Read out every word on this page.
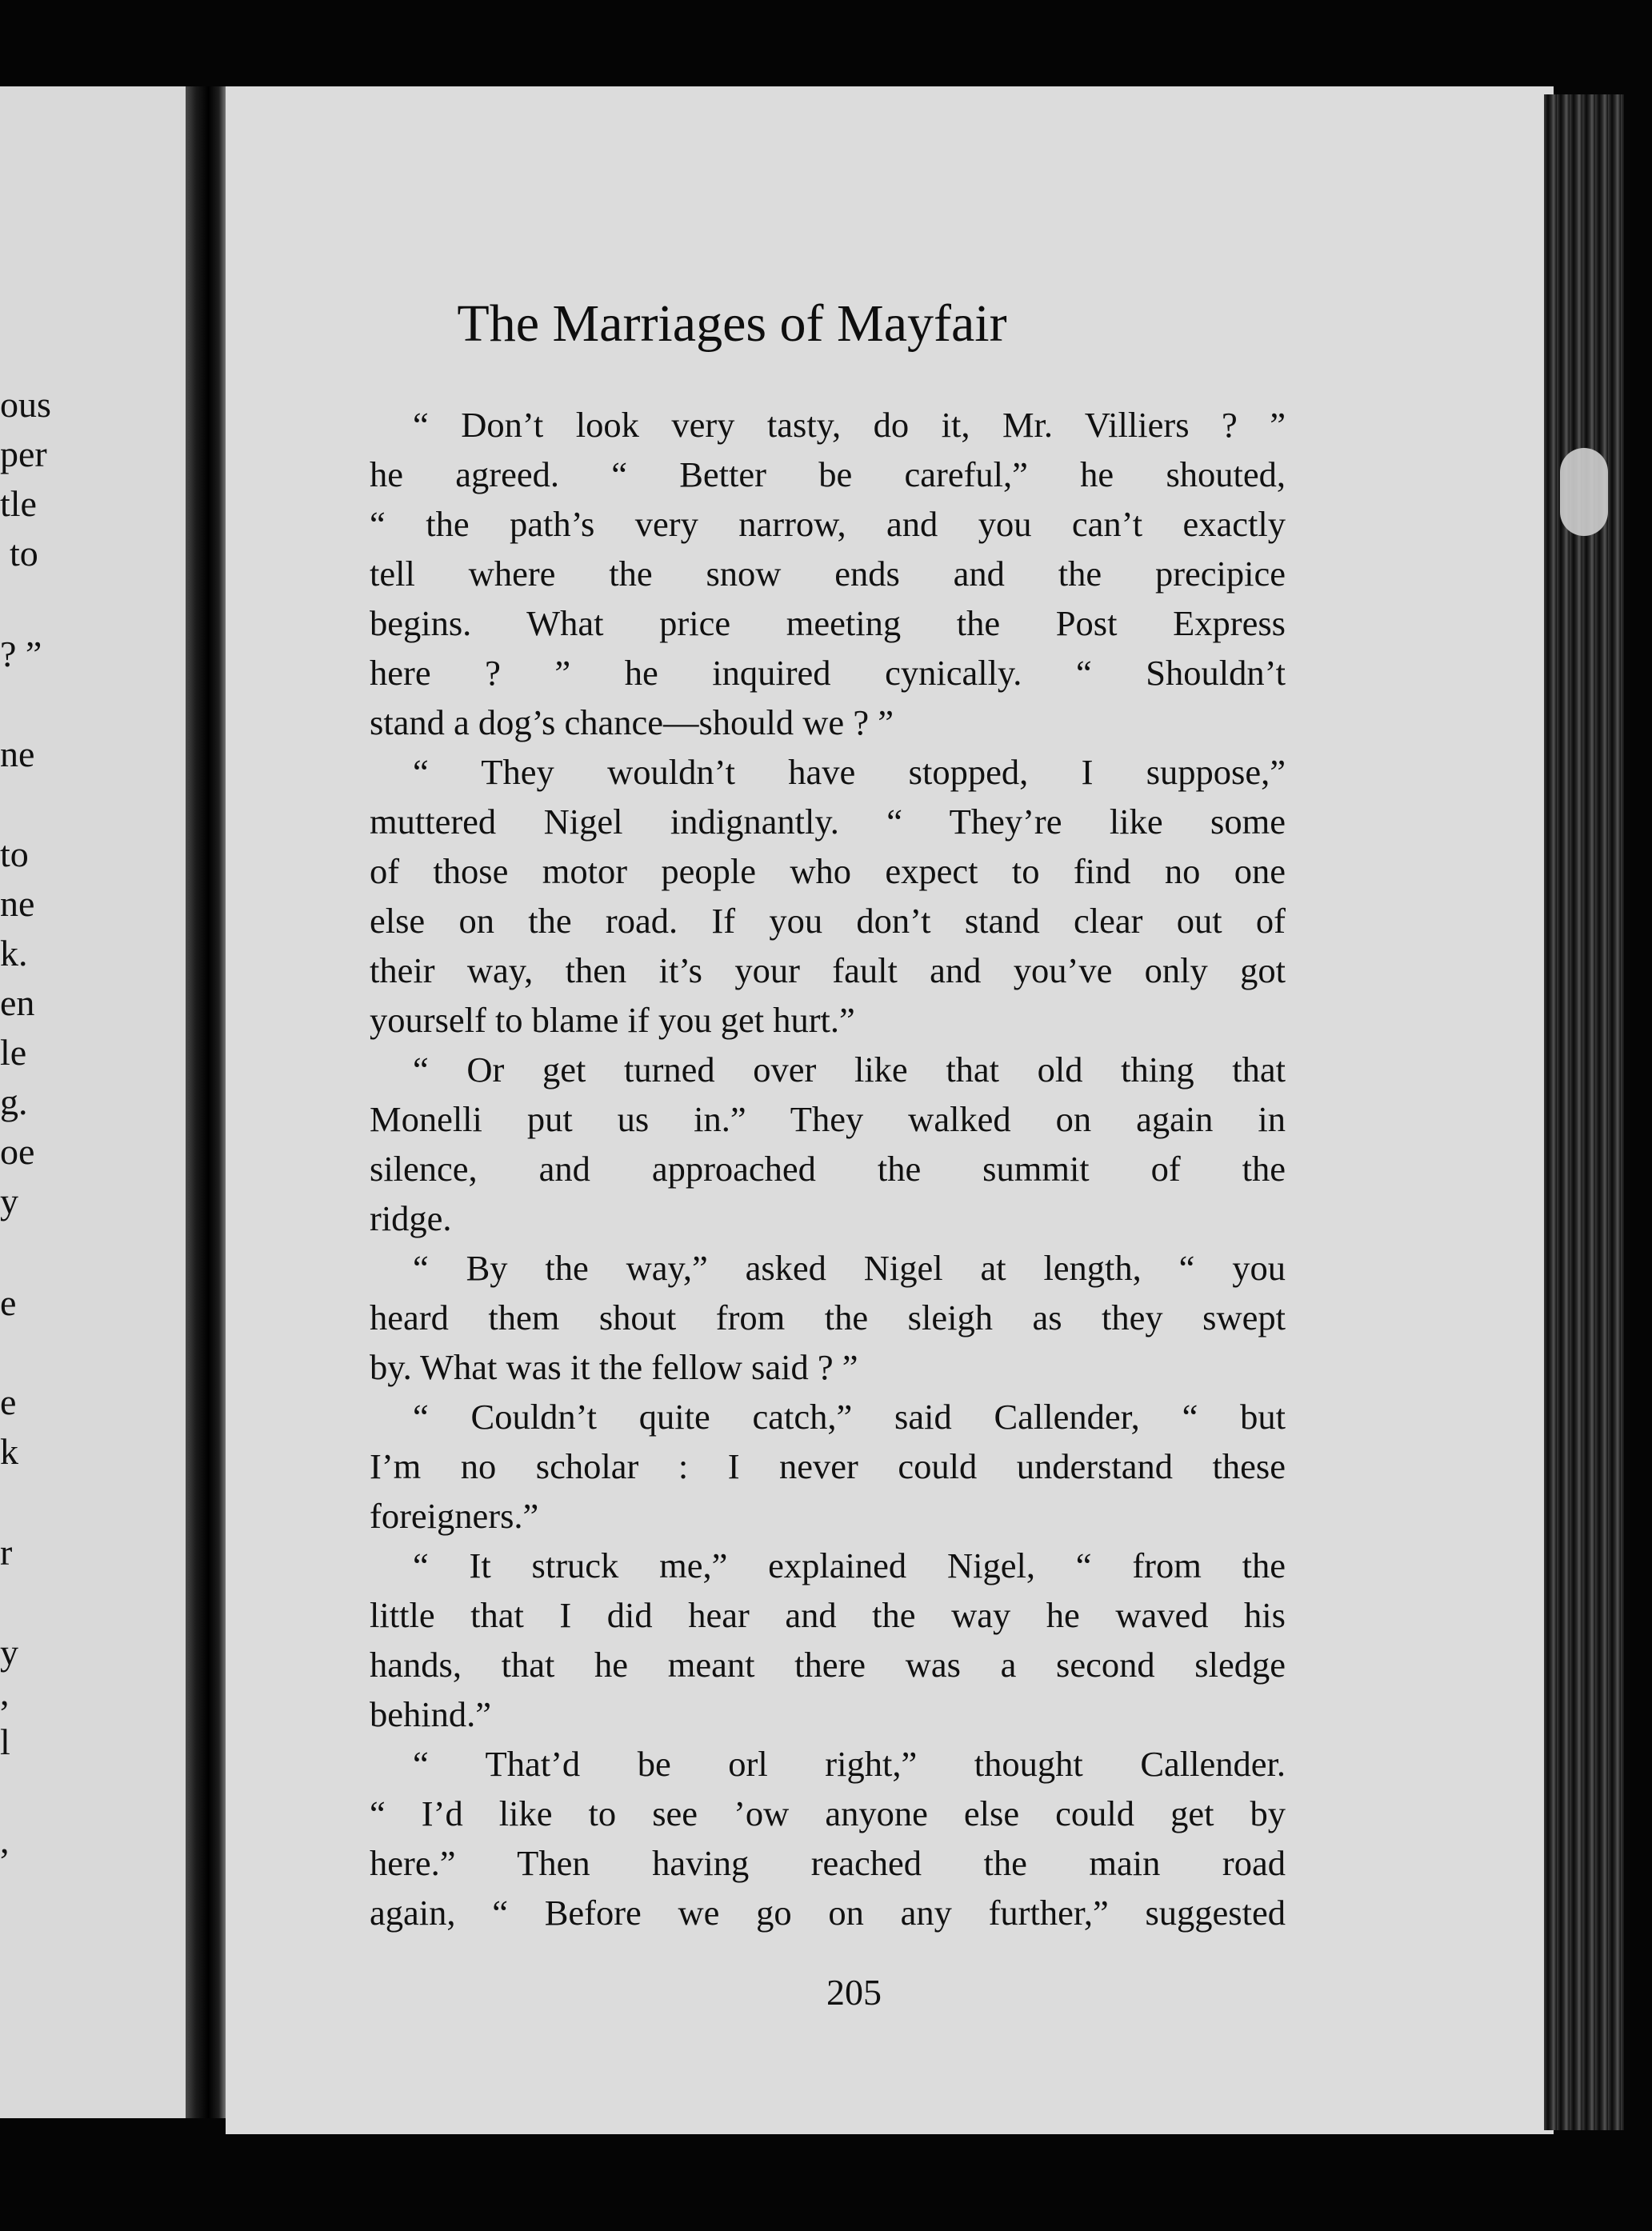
ous
per
tle
to
? ”
ne
to
ne
k.
en
le
g.
oe
y
e
e
k
r
y
,
l
,
The Marriages of Mayfair
“ Don’t look very tasty, do it, Mr. Villiers ? ”
he agreed. “ Better be careful,” he shouted,
“ the path’s very narrow, and you can’t exactly
tell where the snow ends and the precipice
begins. What price meeting the Post Express
here ? ” he inquired cynically. “ Shouldn’t
stand a dog’s chance—should we ? ”
“ They wouldn’t have stopped, I suppose,”
muttered Nigel indignantly. “ They’re like some
of those motor people who expect to find no one
else on the road. If you don’t stand clear out of
their way, then it’s your fault and you’ve only got
yourself to blame if you get hurt.”
“ Or get turned over like that old thing that
Monelli put us in.” They walked on again in
silence, and approached the summit of the
ridge.
“ By the way,” asked Nigel at length, “ you
heard them shout from the sleigh as they swept
by. What was it the fellow said ? ”
“ Couldn’t quite catch,” said Callender, “ but
I’m no scholar : I never could understand these
foreigners.”
“ It struck me,” explained Nigel, “ from the
little that I did hear and the way he waved his
hands, that he meant there was a second sledge
behind.”
“ That’d be orl right,” thought Callender.
“ I’d like to see ’ow anyone else could get by
here.” Then having reached the main road
again, “ Before we go on any further,” suggested
205
